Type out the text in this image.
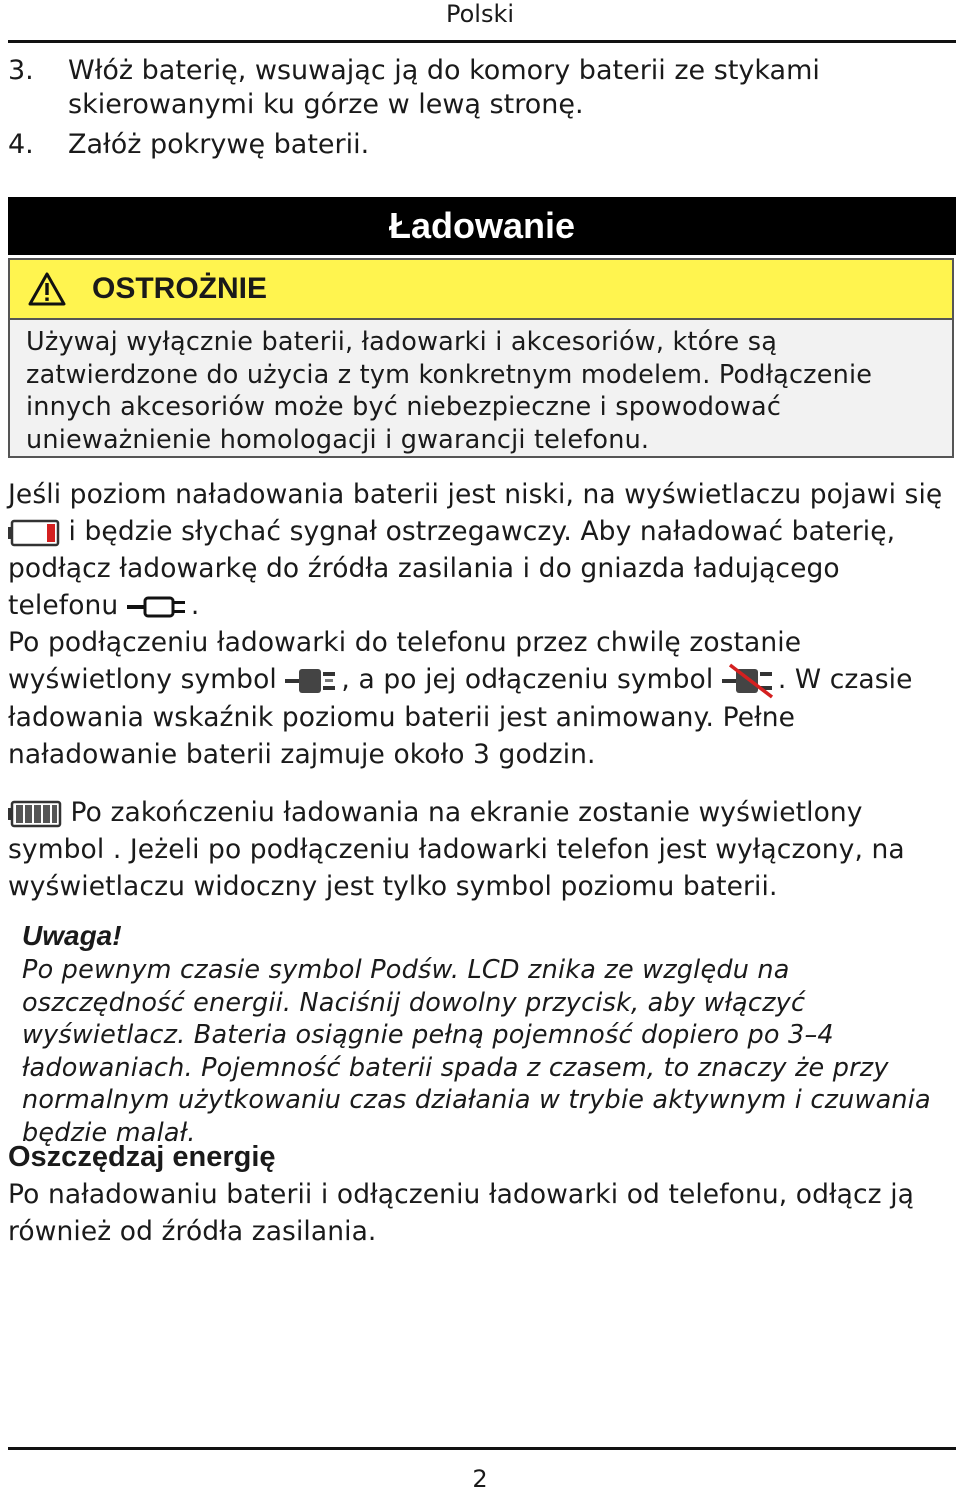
Polski
3.	Włóż baterię, wsuwając ją do komory baterii ze stykami skierowanymi ku górze w lewą stronę.
4.	Załóż pokrywę baterii.
Ładowanie
OSTROŻNIE
Używaj wyłącznie baterii, ładowarki i akcesoriów, które są zatwierdzone do użycia z tym konkretnym modelem. Podłączenie innych akcesoriów może być niebezpieczne i spowodować unieważnienie homologacji i gwarancji telefonu.
Jeśli poziom naładowania baterii jest niski, na wyświetlaczu pojawi się
i będzie słychać sygnał ostrzegawczy. Aby naładować baterię, podłącz ładowarkę do źródła zasilania i do gniazda ładującego telefonu .
Po podłączeniu ładowarki do telefonu przez chwilę zostanie wyświetlony symbol , a po jej odłączeniu symbol . W czasie ładowania wskaźnik poziomu baterii jest animowany. Pełne naładowanie baterii zajmuje około 3 godzin.
Po zakończeniu ładowania na ekranie zostanie wyświetlony symbol . Jeżeli po podłączeniu ładowarki telefon jest wyłączony, na wyświetlaczu widoczny jest tylko symbol poziomu baterii.
Uwaga!
Po pewnym czasie symbol Podśw. LCD znika ze względu na oszczędność energii. Naciśnij dowolny przycisk, aby włączyć wyświetlacz. Bateria osiągnie pełną pojemność dopiero po 3–4 ładowaniach. Pojemność baterii spada z czasem, to znaczy że przy normalnym użytkowaniu czas działania w trybie aktywnym i czuwania będzie malał.
Oszczędzaj energię
Po naładowaniu baterii i odłączeniu ładowarki od telefonu, odłącz ją również od źródła zasilania.
2
